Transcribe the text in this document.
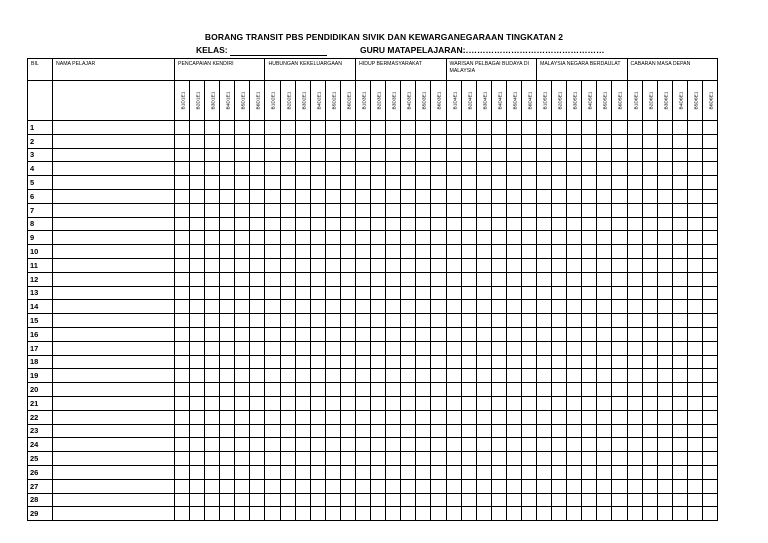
BORANG TRANSIT PBS PENDIDIKAN SIVIK DAN KEWARGANEGARAAN TINGKATAN 2
KELAS:	GURU MATAPELAJARAN:
……………………………………………
BIL	NAMA PELAJAR	PENCAPAIAN KENDIRI						HUBUNGAN KEKELUARGAAN						HIDUP BERMASYARAKAT						WARISAN PELBAGAI BUDAYA DI MALAYSIA						MALAYSIA NEGARA BERDAULAT						CABARAN MASA DEPAN					
		B1D1E1	B2D1E1	B3D1E1	B4D1E1	B5D1E1	B6D1E1	B1D2E1	B2D2E1	B3D2E1	B4D2E1	B5D2E1	B6D2E1	B1D3E1	B2D3E1	B3D3E1	B4D3E1	B5D3E1	B6D3E1	B1D4E1	B2D4E1	B3D4E1	B4D4E1	B5D4E1	B6D4E1	B1D5E1	B2D5E1	B3D5E1	B4D5E1	B5D5E1	B6D5E1	B1D6E1	B2D6E1	B3D6E1	B4D6E1	B5D6E1	B6D6E1
1																																					
2																																					
3																																					
4																																					
5																																					
6																																					
7																																					
8																																					
9																																					
10																																					
11																																					
12																																					
13																																					
14																																					
15																																					
16																																					
17																																					
18																																					
19																																					
20																																					
21																																					
22																																					
23																																					
24																																					
25																																					
26																																					
27																																					
28																																					
29																																					
